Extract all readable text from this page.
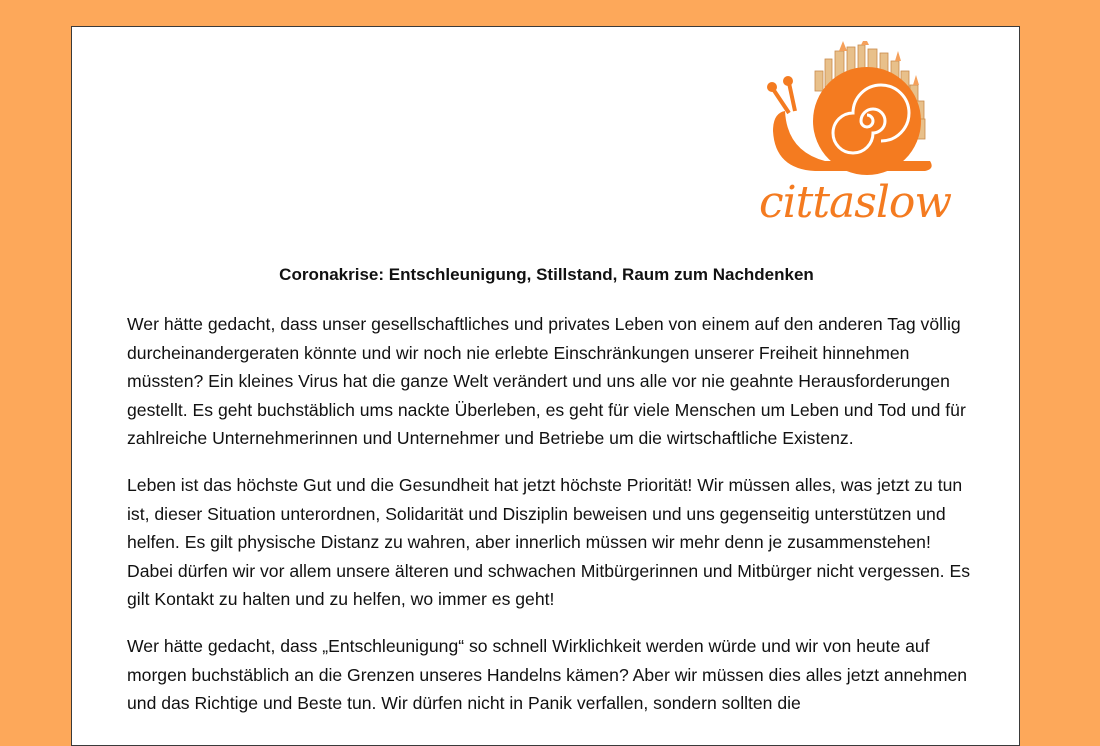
cittaslow
Coronakrise: Entschleunigung, Stillstand, Raum zum Nachdenken

Wer hätte gedacht, dass unser gesellschaftliches und privates Leben von einem auf den anderen Tag völlig durcheinandergeraten könnte und wir noch nie erlebte Einschränkungen unserer Freiheit hinnehmen müssten? Ein kleines Virus hat die ganze Welt verändert und uns alle vor nie geahnte Herausforderungen gestellt. Es geht buchstäblich ums nackte Überleben, es geht für viele Menschen um Leben und Tod und für zahlreiche Unternehmerinnen und Unternehmer und Betriebe um die wirtschaftliche Existenz.

Leben ist das höchste Gut und die Gesundheit hat jetzt höchste Priorität! Wir müssen alles, was jetzt zu tun ist, dieser Situation unterordnen, Solidarität und Disziplin beweisen und uns gegenseitig unterstützen und helfen. Es gilt physische Distanz zu wahren, aber innerlich müssen wir mehr denn je zusammenstehen! Dabei dürfen wir vor allem unsere älteren und schwachen Mitbürgerinnen und Mitbürger nicht vergessen. Es gilt Kontakt zu halten und zu helfen, wo immer es geht!

Wer hätte gedacht, dass „Entschleunigung“ so schnell Wirklichkeit werden würde und wir von heute auf morgen buchstäblich an die Grenzen unseres Handelns kämen? Aber wir müssen dies alles jetzt annehmen und das Richtige und Beste tun. Wir dürfen nicht in Panik verfallen, sondern sollten die
